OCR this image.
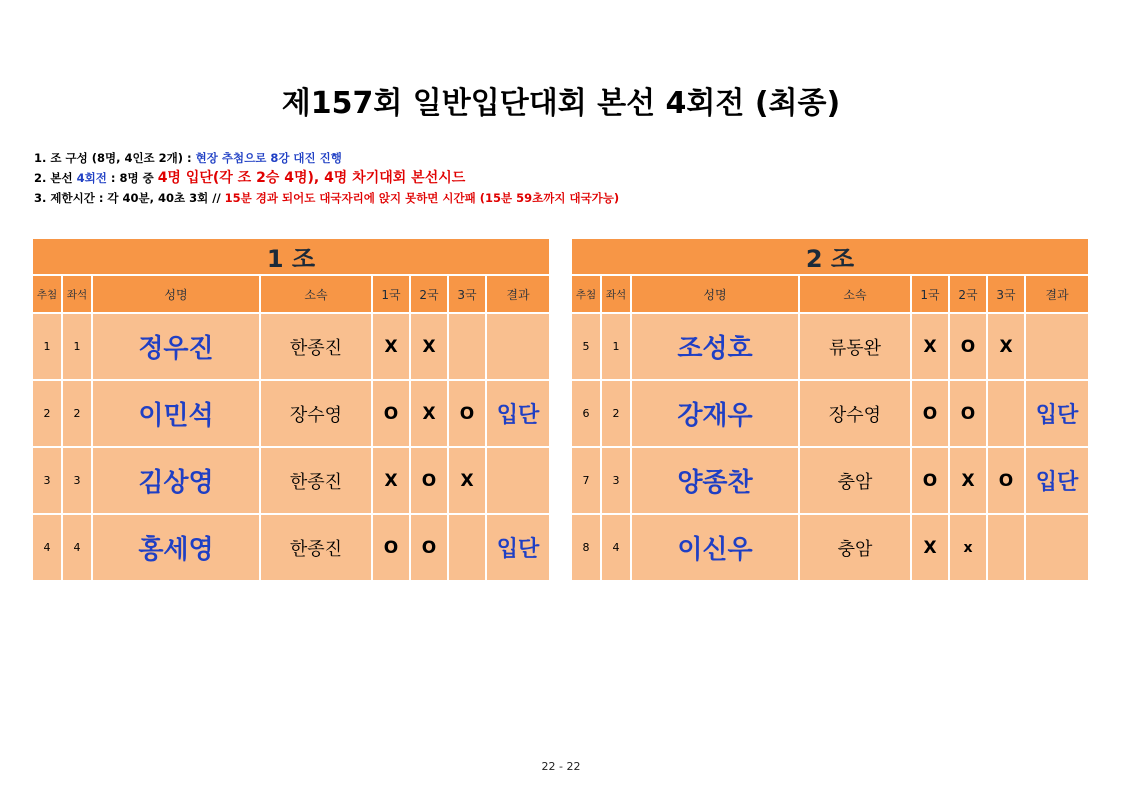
제157회 일반입단대회 본선 4회전 (최종)
1. 조 구성 (8명, 4인조 2개) : 현장 추첨으로 8강 대진 진행
2. 본선 4회전 : 8명 중 4명 입단(각 조 2승 4명), 4명 차기대회 본선시드
3. 제한시간 : 각 40분, 40초 3회 // 15분 경과 되어도 대국자리에 앉지 못하면 시간패 (15분 59초까지 대국가능)
1 조							
추첨	좌석	성명	소속	1국	2국	3국	결과
1	1	정우진	한종진	X	X		
2	2	이민석	장수영	O	X	O	입단
3	3	김상영	한종진	X	O	X	
4	4	홍세영	한종진	O	O		입단
2 조							
추첨	좌석	성명	소속	1국	2국	3국	결과
5	1	조성호	류동완	X	O	X	
6	2	강재우	장수영	O	O		입단
7	3	양종찬	충암	O	X	O	입단
8	4	이신우	충암	X	x		
22 - 22
